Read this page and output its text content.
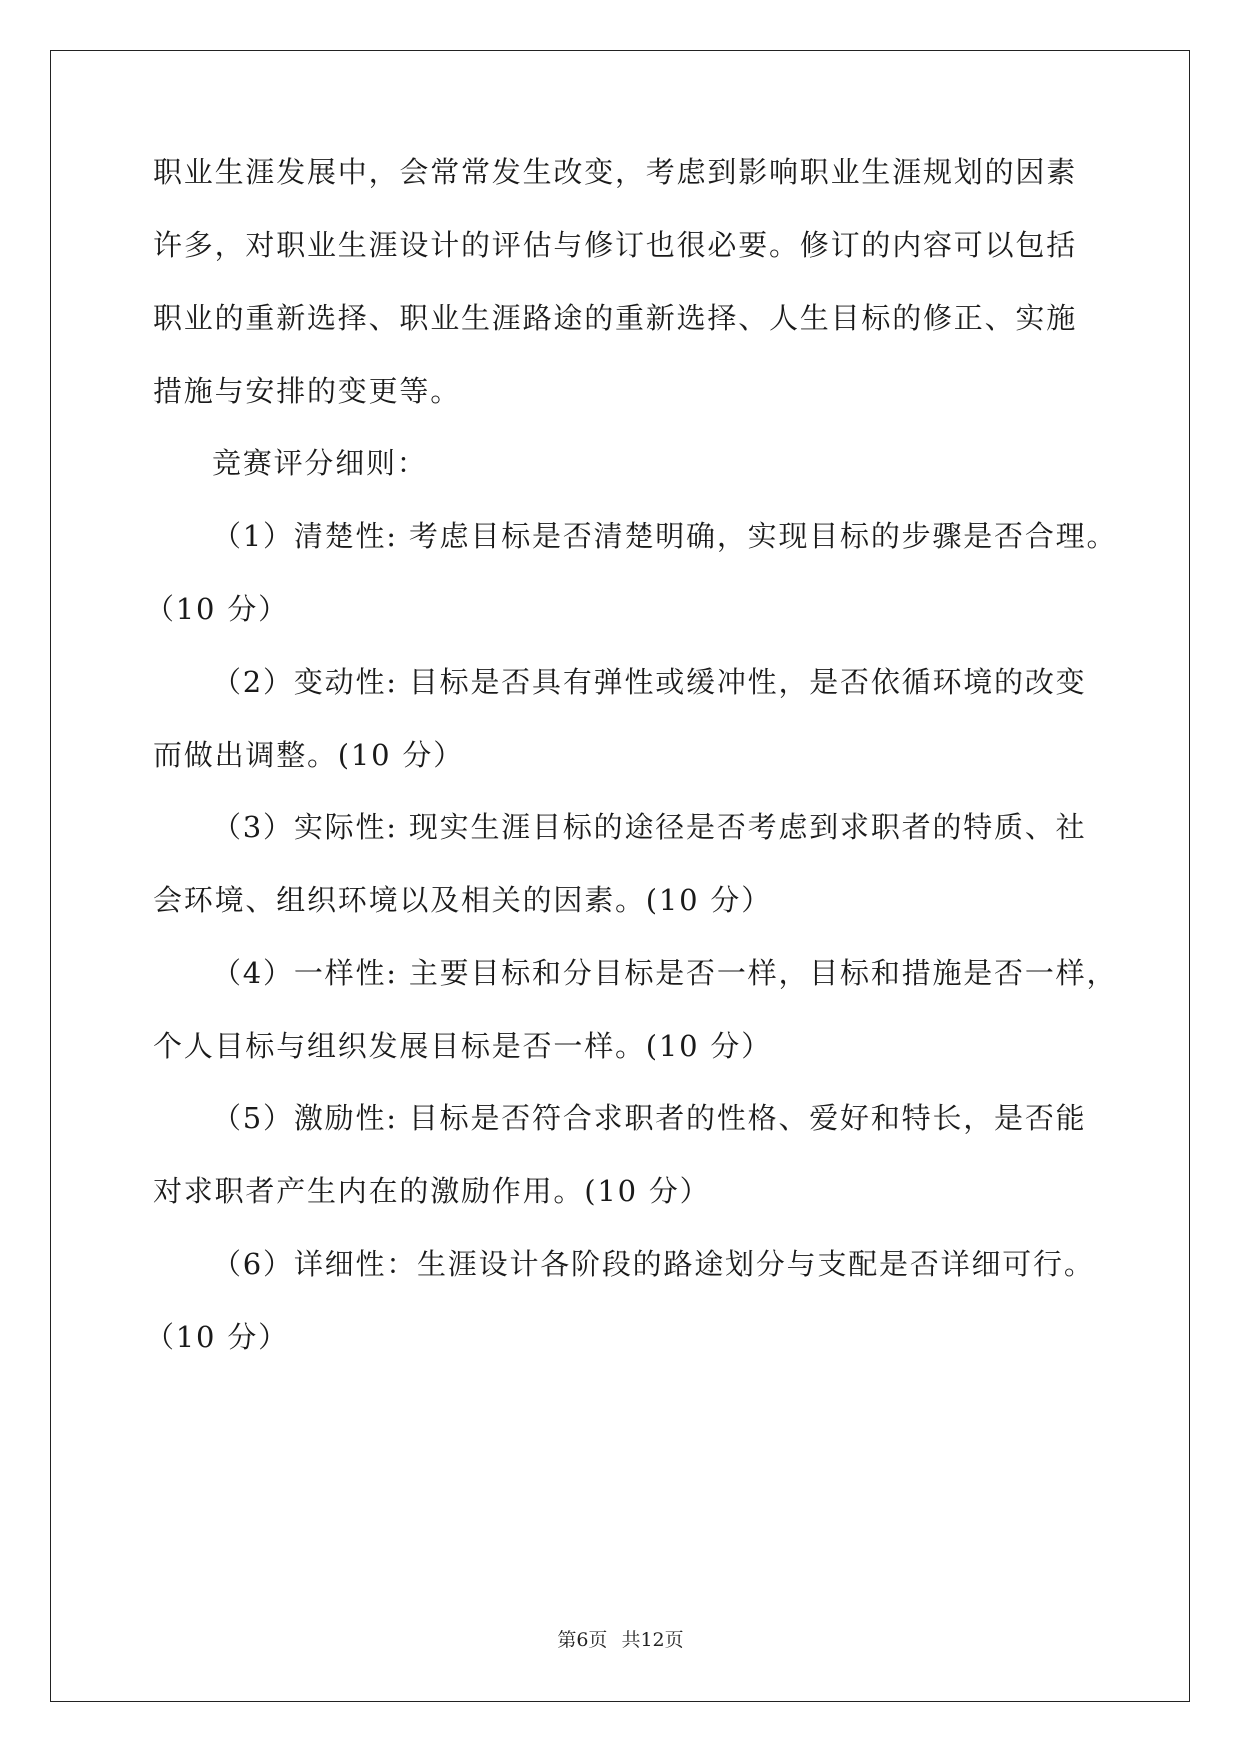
职业生涯发展中，会常常发生改变，考虑到影响职业生涯规划的因素
许多，对职业生涯设计的评估与修订也很必要。修订的内容可以包括
职业的重新选择、职业生涯路途的重新选择、人生目标的修正、实施
措施与安排的变更等。
竞赛评分细则：
（1）清楚性: 考虑目标是否清楚明确，实现目标的步骤是否合理。
（10 分）
（2）变动性: 目标是否具有弹性或缓冲性，是否依循环境的改变
而做出调整。(10 分）
（3）实际性: 现实生涯目标的途径是否考虑到求职者的特质、社
会环境、组织环境以及相关的因素。(10 分）
（4）一样性: 主要目标和分目标是否一样，目标和措施是否一样，
个人目标与组织发展目标是否一样。(10 分）
（5）激励性: 目标是否符合求职者的性格、爱好和特长，是否能
对求职者产生内在的激励作用。(10 分）
（6）详细性：生涯设计各阶段的路途划分与支配是否详细可行。
（10 分）
第6页 共12页
